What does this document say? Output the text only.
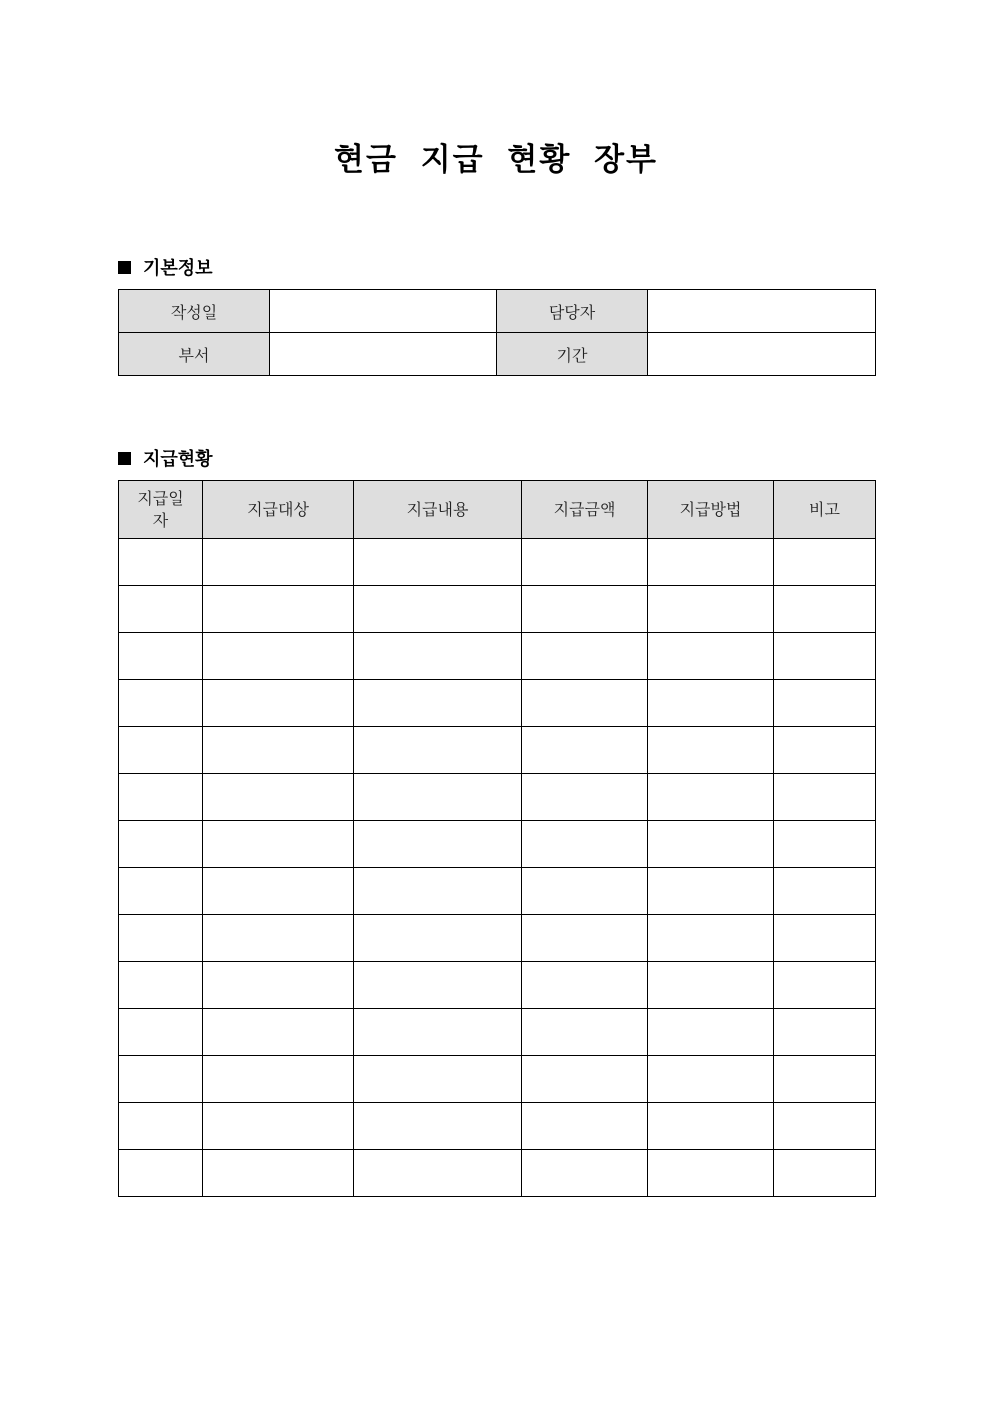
현금 지급 현황 장부
기본정보
작성일		담당자	
부서		기간	
지급현황
지급일자	지급대상	지급내용	지급금액	지급방법	비고
